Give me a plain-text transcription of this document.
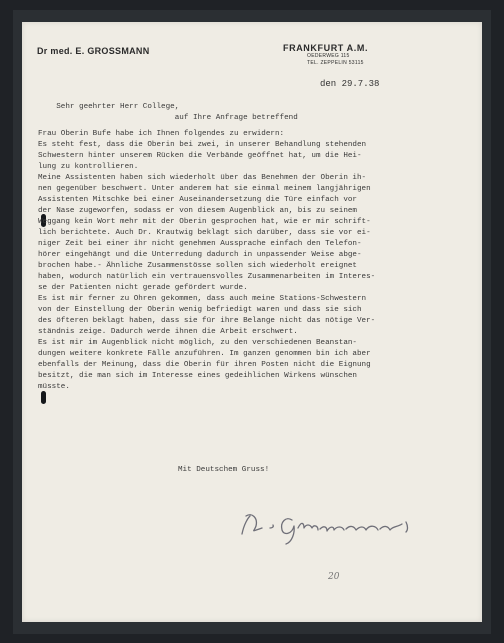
Dr med. E. GROSSMANN	FRANKFURT A.M.
OEDERWEG 115
TEL. ZEPPELIN 53115
den 29.7.38
Sehr geehrter Herr College,
auf Ihre Anfrage betreffend
Frau Oberin Bufe habe ich Ihnen folgendes zu erwidern:
Es steht fest, dass die Oberin bei zwei, in unserer Behandlung stehenden
Schwestern hinter unserem Rücken die Verbände geöffnet hat, um die Hei-
lung zu kontrollieren.
Meine Assistenten haben sich wiederholt über das Benehmen der Oberin ih-
nen gegenüber beschwert. Unter anderem hat sie einmal meinem langjährigen
Assistenten Mitschke bei einer Auseinandersetzung die Türe einfach vor
der Nase zugeworfen, sodass er von diesem Augenblick an, bis zu seinem
Weggang kein Wort mehr mit der Oberin gesprochen hat, wie er mir schrift-
lich berichtete. Auch Dr. Krautwig beklagt sich darüber, dass sie vor ei-
niger Zeit bei einer ihr nicht genehmen Aussprache einfach den Telefon-
hörer eingehängt und die Unterredung dadurch in unpassender Weise abge-
brochen habe.- Ähnliche Zusammenstösse sollen sich wiederholt ereignet
haben, wodurch natürlich ein vertrauensvolles Zusammenarbeiten im Interes-
se der Patienten nicht gerade gefördert wurde.
Es ist mir ferner zu Ohren gekommen, dass auch meine Stations-Schwestern
von der Einstellung der Oberin wenig befriedigt waren und dass sie sich
des öfteren beklagt haben, dass sie für ihre Belange nicht das nötige Ver-
ständnis zeige. Dadurch werde ihnen die Arbeit erschwert.
Es ist mir im Augenblick nicht möglich, zu den verschiedenen Beanstan-
dungen weitere konkrete Fälle anzuführen. Im ganzen genommen bin ich aber
ebenfalls der Meinung, dass die Oberin für ihren Posten nicht die Eignung
besitzt, die man sich im Interesse eines gedeihlichen Wirkens wünschen
müsste.
Mit Deutschem Gruss!
20
